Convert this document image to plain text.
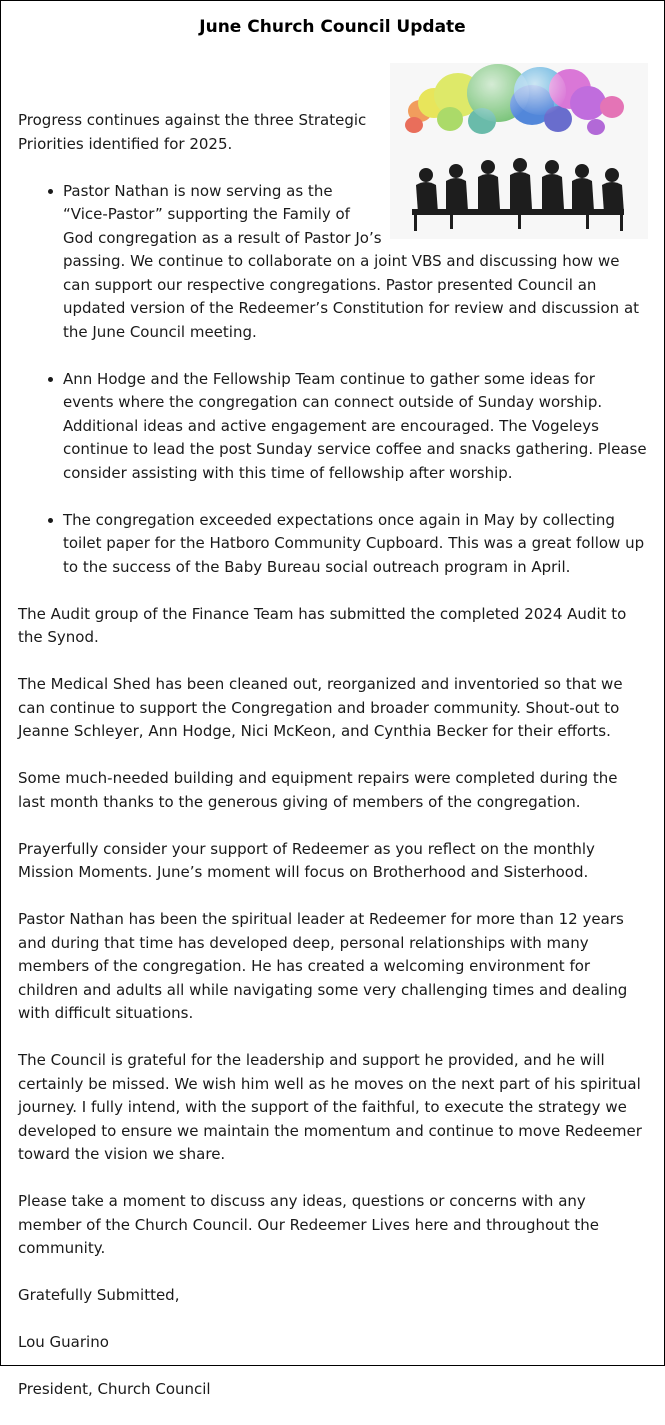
June Church Council Update

Progress continues against the three Strategic Priorities identified for 2025.

Pastor Nathan is now serving as the “Vice-Pastor” supporting the Family of God congregation as a result of Pastor Jo’s passing. We continue to collaborate on a joint VBS and discussing how we can support our respective congregations. Pastor presented Council an updated version of the Redeemer’s Constitution for review and discussion at the June Council meeting.
Ann Hodge and the Fellowship Team continue to gather some ideas for events where the congregation can connect outside of Sunday worship. Additional ideas and active engagement are encouraged. The Vogeleys continue to lead the post Sunday service coffee and snacks gathering. Please consider assisting with this time of fellowship after worship.
The congregation exceeded expectations once again in May by collecting toilet paper for the Hatboro Community Cupboard. This was a great follow up to the success of the Baby Bureau social outreach program in April.

The Audit group of the Finance Team has submitted the completed 2024 Audit to the Synod.

The Medical Shed has been cleaned out, reorganized and inventoried so that we can continue to support the Congregation and broader community. Shout-out to Jeanne Schleyer, Ann Hodge, Nici McKeon, and Cynthia Becker for their efforts.

Some much-needed building and equipment repairs were completed during the last month thanks to the generous giving of members of the congregation.

Prayerfully consider your support of Redeemer as you reflect on the monthly Mission Moments. June’s moment will focus on Brotherhood and Sisterhood.

Pastor Nathan has been the spiritual leader at Redeemer for more than 12 years and during that time has developed deep, personal relationships with many members of the congregation. He has created a welcoming environment for children and adults all while navigating some very challenging times and dealing with difficult situations.

The Council is grateful for the leadership and support he provided, and he will certainly be missed. We wish him well as he moves on the next part of his spiritual journey. I fully intend, with the support of the faithful, to execute the strategy we developed to ensure we maintain the momentum and continue to move Redeemer toward the vision we share.

Please take a moment to discuss any ideas, questions or concerns with any member of the Church Council. Our Redeemer Lives here and throughout the community.

Gratefully Submitted,

Lou Guarino

President, Church Council
